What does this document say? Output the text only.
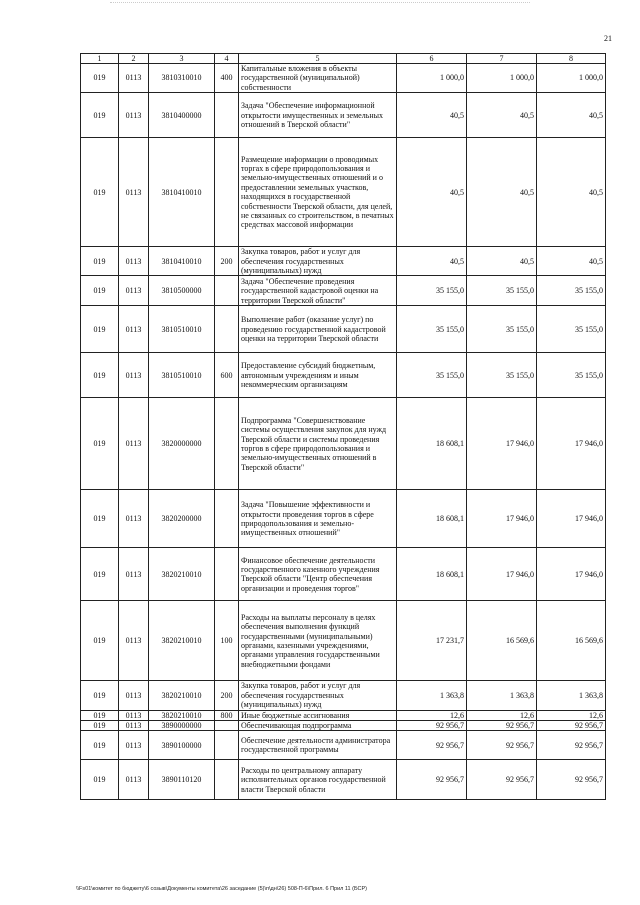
21
1	2	3	4	5	6	7	8
019	0113	3810310010	400	Капитальные вложения в объекты государственной (муниципальной) собственности	1 000,0	1 000,0	1 000,0
019	0113	3810400000		Задача "Обеспечение информационной открытости имущественных и земельных отношений в Тверской области"	40,5	40,5	40,5
019	0113	3810410010		Размещение информации о проводимых торгах в сфере природопользования и земельно-имущественных отношений и о предоставлении земельных участков, находящихся в государственной собственности Тверской области, для целей, не связанных со строительством, в печатных средствах массовой информации	40,5	40,5	40,5
019	0113	3810410010	200	Закупка товаров, работ и услуг для обеспечения государственных (муниципальных) нужд	40,5	40,5	40,5
019	0113	3810500000		Задача "Обеспечение проведения государственной кадастровой оценки на территории Тверской области"	35 155,0	35 155,0	35 155,0
019	0113	3810510010		Выполнение работ (оказание услуг) по проведению государственной кадастровой оценки на территории Тверской области	35 155,0	35 155,0	35 155,0
019	0113	3810510010	600	Предоставление субсидий бюджетным, автономным учреждениям и иным некоммерческим организациям	35 155,0	35 155,0	35 155,0
019	0113	3820000000		Подпрограмма "Совершенствование системы осуществления закупок для нужд Тверской области и системы проведения торгов в сфере природопользования и земельно-имущественных отношений в Тверской области"	18 608,1	17 946,0	17 946,0
019	0113	3820200000		Задача "Повышение эффективности и открытости проведения торгов в сфере природопользования и земельно-имущественных отношений"	18 608,1	17 946,0	17 946,0
019	0113	3820210010		Финансовое обеспечение деятельности государственного казенного учреждения Тверской области "Центр обеспечения организации и проведения торгов"	18 608,1	17 946,0	17 946,0
019	0113	3820210010	100	Расходы на выплаты персоналу в целях обеспечения выполнения функций государственными (муниципальными) органами, казенными учреждениями, органами управления государственными внебюджетными фондами	17 231,7	16 569,6	16 569,6
019	0113	3820210010	200	Закупка товаров, работ и услуг для обеспечения государственных (муниципальных) нужд	1 363,8	1 363,8	1 363,8
019	0113	3820210010	800	Иные бюджетные ассигнования	12,6	12,6	12,6
019	0113	3890000000		Обеспечивающая подпрограмма	92 956,7	92 956,7	92 956,7
019	0113	3890100000		Обеспечение деятельности администратора государственной программы	92 956,7	92 956,7	92 956,7
019	0113	3890110120		Расходы по центральному аппарату исполнительных органов государственной власти Тверской области	92 956,7	92 956,7	92 956,7
\\Fs01\комитет по бюджету\6 созыв\Документы комитета\26 заседание (5)\п\дн\26) 508-П-6\Прил. 6 Прил 11 (БСР)
